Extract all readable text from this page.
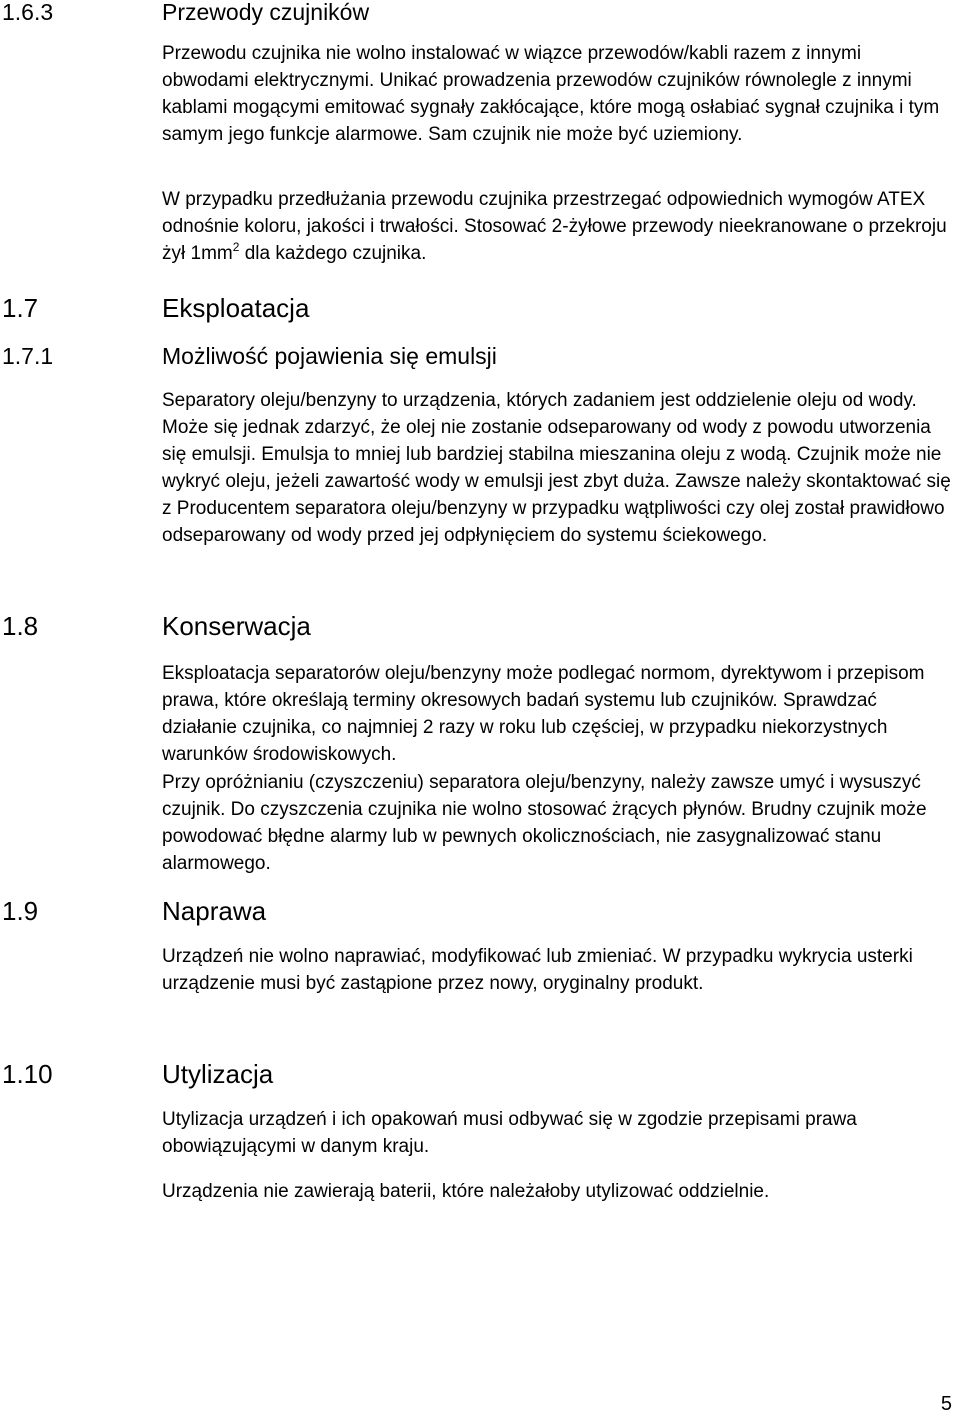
1.6.3	Przewody czujników

Przewodu czujnika nie wolno instalować w wiązce przewodów/kabli razem z innymi obwodami elektrycznymi. Unikać prowadzenia przewodów czujników równolegle z innymi kablami mogącymi emitować sygnały zakłócające, które mogą osłabiać sygnał czujnika i tym samym jego funkcje alarmowe. Sam czujnik nie może być uziemiony.

W przypadku przedłużania przewodu czujnika przestrzegać odpowiednich wymogów ATEX odnośnie koloru, jakości i trwałości. Stosować 2-żyłowe przewody nieekranowane o przekroju żył $1mm^2$ dla każdego czujnika.

1.7	Eksploatacja
1.7.1	Możliwość pojawienia się emulsji

Separatory oleju/benzyny to urządzenia, których zadaniem jest oddzielenie oleju od wody. Może się jednak zdarzyć, że olej nie zostanie odseparowany od wody z powodu utworzenia się emulsji. Emulsja to mniej lub bardziej stabilna mieszanina oleju z wodą. Czujnik może nie wykryć oleju, jeżeli zawartość wody w emulsji jest zbyt duża. Zawsze należy skontaktować się z Producentem separatora oleju/benzyny w przypadku wątpliwości czy olej został prawidłowo odseparowany od wody przed jej odpłynięciem do systemu ściekowego.

1.8	Konserwacja

Eksploatacja separatorów oleju/benzyny może podlegać normom, dyrektywom i przepisom prawa, które określają terminy okresowych badań systemu lub czujników. Sprawdzać działanie czujnika, co najmniej 2 razy w roku lub częściej, w przypadku niekorzystnych warunków środowiskowych.

Przy opróżnianiu (czyszczeniu) separatora oleju/benzyny, należy zawsze umyć i wysuszyć czujnik. Do czyszczenia czujnika nie wolno stosować żrących płynów. Brudny czujnik może powodować błędne alarmy lub w pewnych okolicznościach, nie zasygnalizować stanu alarmowego.

1.9	Naprawa

Urządzeń nie wolno naprawiać, modyfikować lub zmieniać. W przypadku wykrycia usterki urządzenie musi być zastąpione przez nowy, oryginalny produkt.

1.10	Utylizacja

Utylizacja urządzeń i ich opakowań musi odbywać się w zgodzie przepisami prawa obowiązującymi w danym kraju.

Urządzenia nie zawierają baterii, które należałoby utylizować oddzielnie.

5
